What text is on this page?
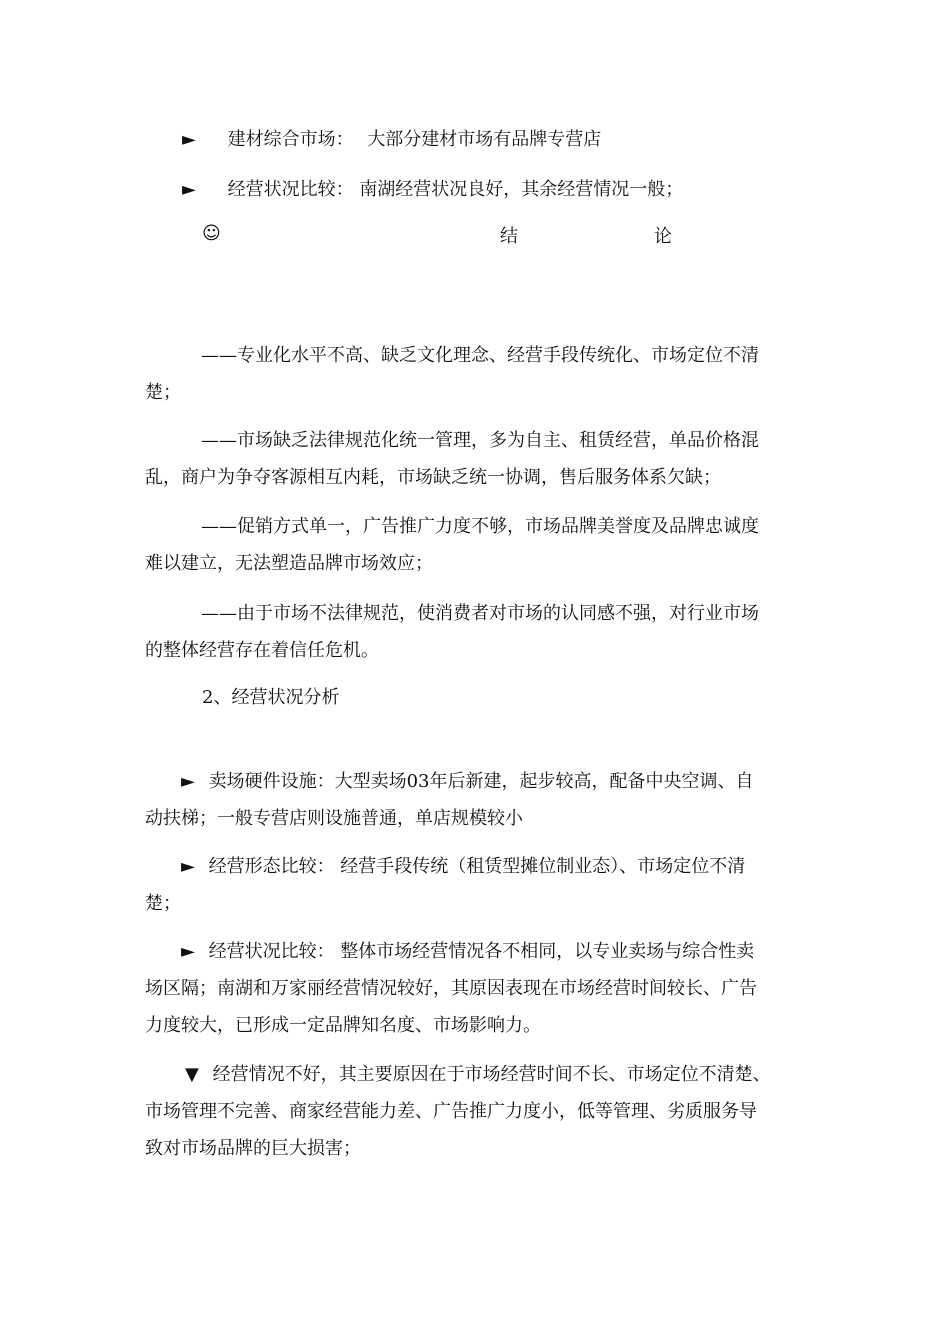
► 建材综合市场： 大部分建材市场有品牌专营店
► 经营状况比较： 南湖经营状况良好，其余经营情况一般；
☺	结	论
——专业化水平不高、缺乏文化理念、经营手段传统化、市场定位不清
楚；
——市场缺乏法律规范化统一管理，多为自主、租赁经营，单品价格混
乱，商户为争夺客源相互内耗，市场缺乏统一协调，售后服务体系欠缺；
——促销方式单一，广告推广力度不够，市场品牌美誉度及品牌忠诚度
难以建立，无法塑造品牌市场效应；
——由于市场不法律规范，使消费者对市场的认同感不强，对行业市场
的整体经营存在着信任危机。
2、经营状况分析
► 卖场硬件设施：大型卖场03年后新建，起步较高，配备中央空调、自
动扶梯；一般专营店则设施普通，单店规模较小
► 经营形态比较： 经营手段传统（租赁型摊位制业态）、市场定位不清
楚；
► 经营状况比较： 整体市场经营情况各不相同，以专业卖场与综合性卖
场区隔；南湖和万家丽经营情况较好，其原因表现在市场经营时间较长、广告
力度较大，已形成一定品牌知名度、市场影响力。
▼ 经营情况不好，其主要原因在于市场经营时间不长、市场定位不清楚、
市场管理不完善、商家经营能力差、广告推广力度小，低等管理、劣质服务导
致对市场品牌的巨大损害；
